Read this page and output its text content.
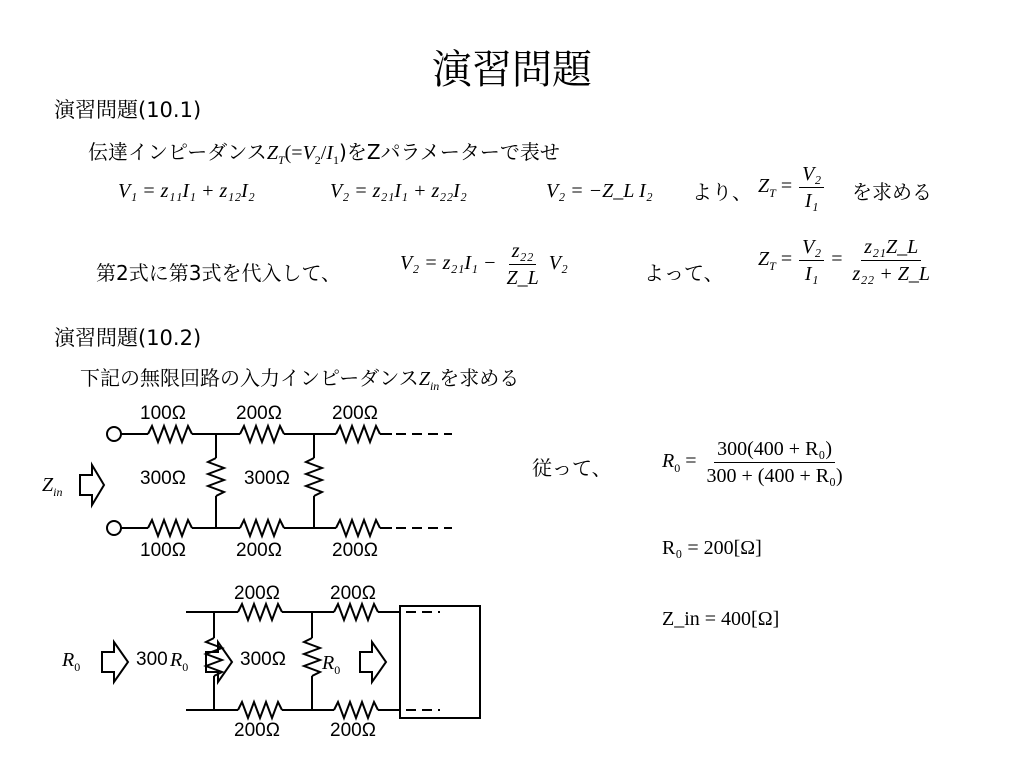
演習問題
演習問題(10.1)
伝達インピーダンス$Z_T(=V_2/I_1)$をZパラメーターで表せ
V₁ = z₁₁I₁ + z₁₂I₂	V₂ = z₂₁I₁ + z₂₂I₂	V₂ = −Z_L I₂ より、 $Z_T = \frac{\text{V₂}}{\text{I₁}}$ を求める
第2式に第3式を代入して、	$V_2 = z_{21}I_1 - \frac{\text{z₂₂}}{Z\_L} V_2$	よって、
$Z_T = \frac{\text{V₂}}{\text{I₁}} = \frac{\text{z₂₁Z\_L}}{\text{z₂₂ + Z\_L}}$
演習問題(10.2)
下記の無限回路の入力インピーダンス$Z_{in}$を求める
100Ω	200Ω	200Ω
300Ω	300Ω
100Ω	200Ω	200Ω
$Z_{in}$
200Ω	200Ω
200Ω	200Ω
300 $R_0$	300Ω
$R_0$	$R_0$
従って、	$R_0 = \frac{\text{300(400 + R₀)}}{\text{300 + (400 + R₀)}}$
R₀ = 200[Ω]
Z_in = 400[Ω]
